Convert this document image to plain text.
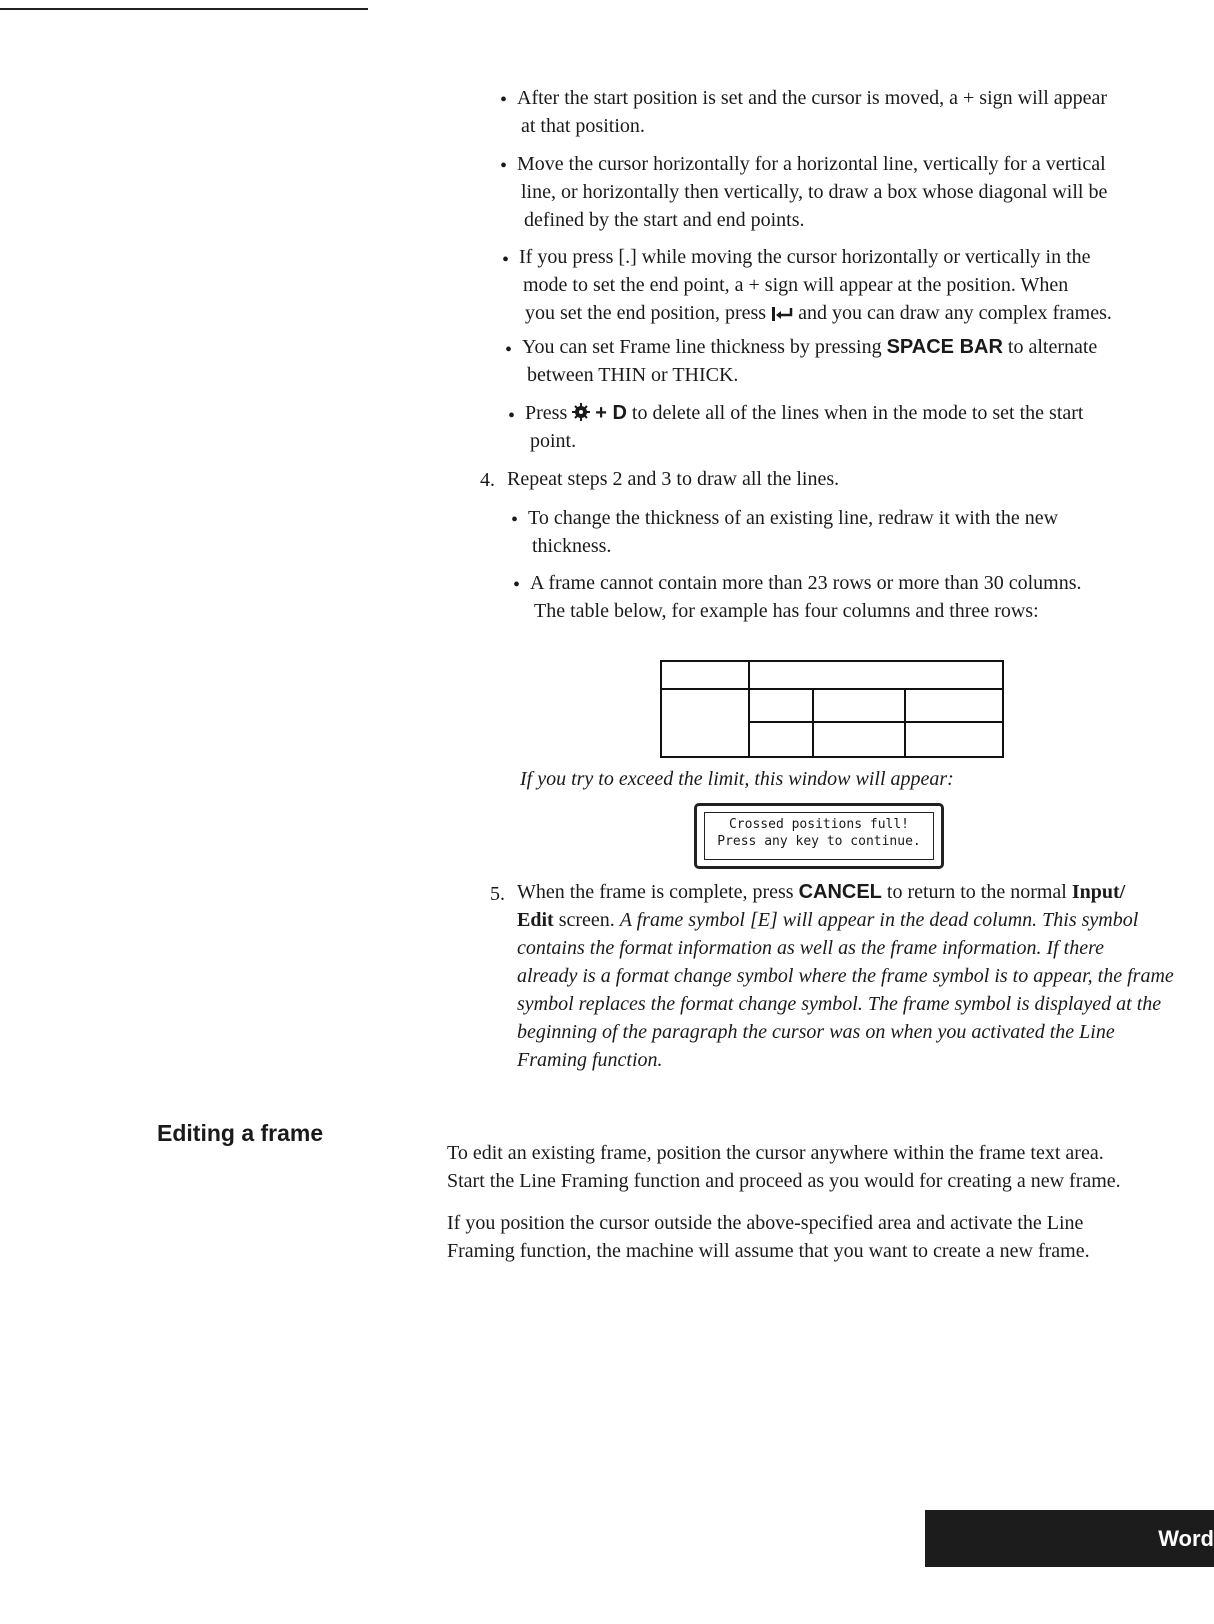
• After the start position is set and the cursor is moved, a + sign will appear

at that position.

• Move the cursor horizontally for a horizontal line, vertically for a vertical

line, or horizontally then vertically, to draw a box whose diagonal will be

defined by the start and end points.

• If you press [.] while moving the cursor horizontally or vertically in the

mode to set the end point, a + sign will appear at the position. When

you set the end position, press and you can draw any complex frames.

• You can set Frame line thickness by pressing SPACE BAR to alternate

between THIN or THICK.

• Press + D to delete all of the lines when in the mode to set the start

point.

4. Repeat steps 2 and 3 to draw all the lines.

• To change the thickness of an existing line, redraw it with the new

thickness.

• A frame cannot contain more than 23 rows or more than 30 columns.

The table below, for example has four columns and three rows:

If you try to exceed the limit, this window will appear:

Crossed positions full!
Press any key to continue.
5. When the frame is complete, press CANCEL to return to the normal Input/

Edit screen. A frame symbol [E] will appear in the dead column. This symbol

contains the format information as well as the frame information. If there

already is a format change symbol where the frame symbol is to appear, the frame

symbol replaces the format change symbol. The frame symbol is displayed at the

beginning of the paragraph the cursor was on when you activated the Line

Framing function.

Editing a frame

To edit an existing frame, position the cursor anywhere within the frame text area.

Start the Line Framing function and proceed as you would for creating a new frame.

If you position the cursor outside the above-specified area and activate the Line

Framing function, the machine will assume that you want to create a new frame.

Word Processing 67
